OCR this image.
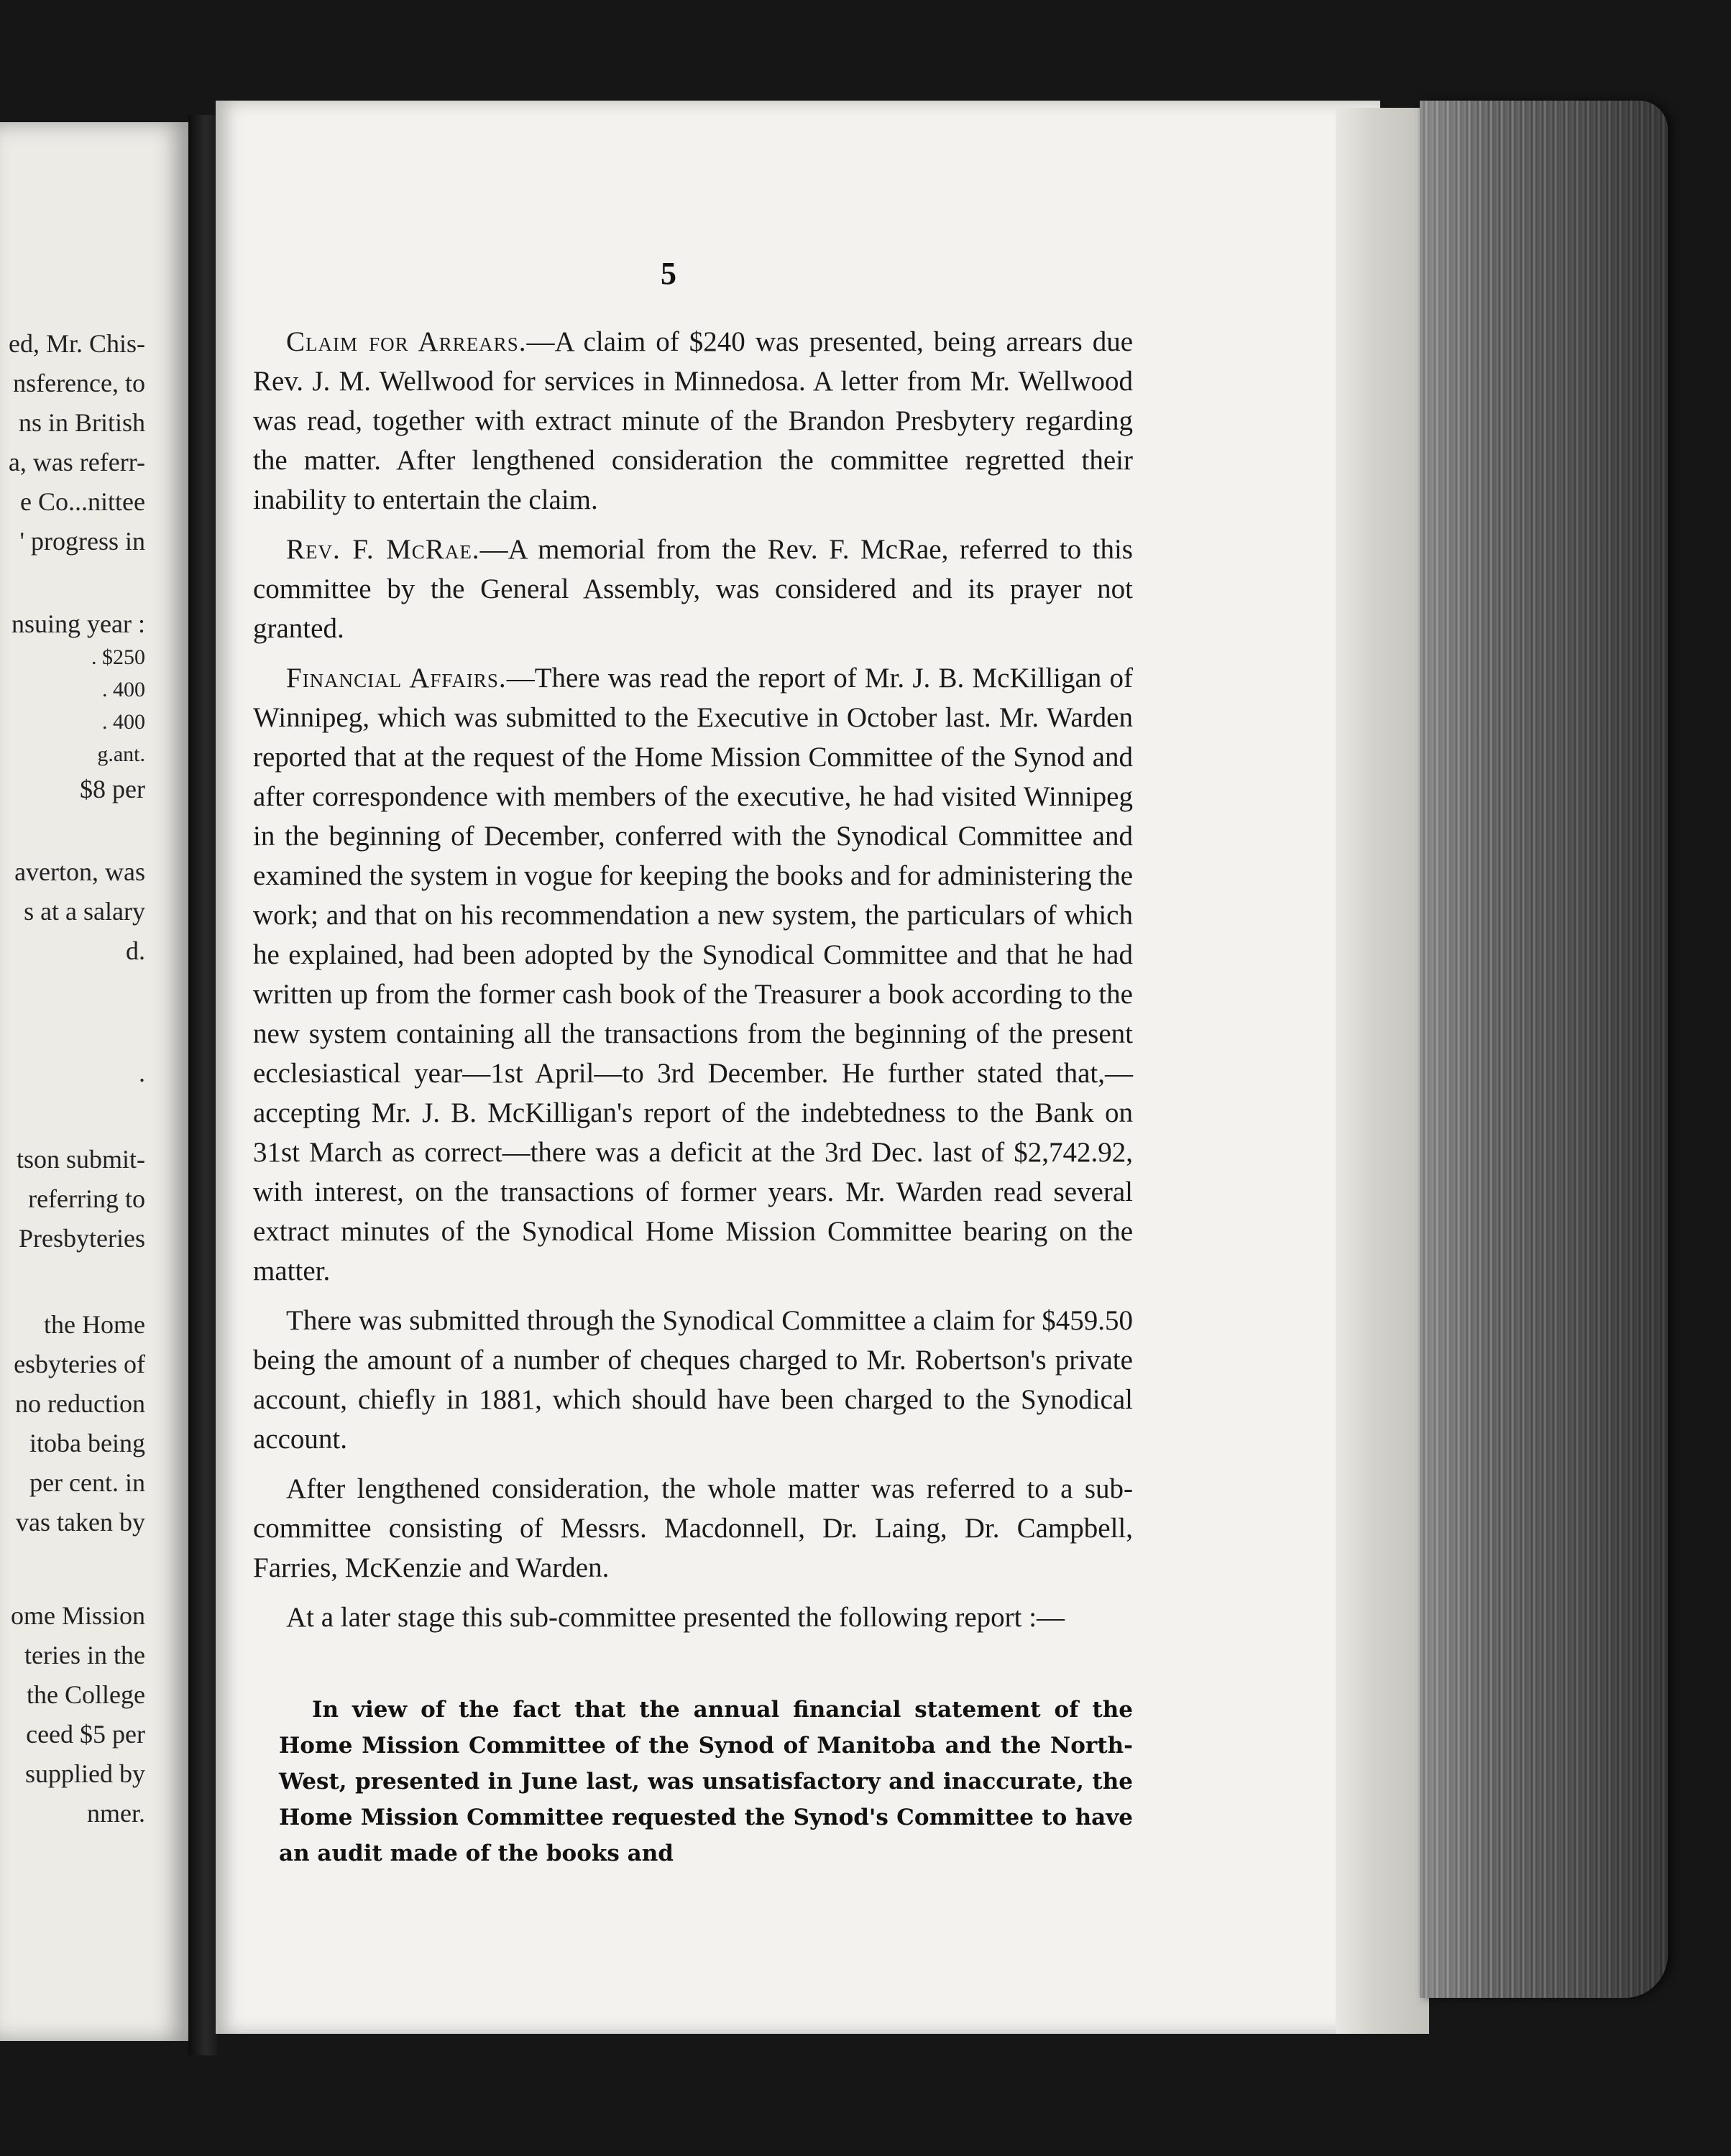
ed, Mr. Chis-
nsference, to
ns in British
a, was referr-
e Co...nittee
' progress in
nsuing year :
. $250
. 400
. 400
g.ant.
$8 per
averton, was
s at a salary
d.
.
tson submit-
referring to
Presbyteries
the Home
esbyteries of
no reduction
itoba being
per cent. in
vas taken by
ome Mission
teries in the
the College
ceed $5 per
supplied by
nmer.
5

Claim for Arrears.—A claim of $240 was presented, being arrears due Rev. J. M. Wellwood for services in Minnedosa. A letter from Mr. Wellwood was read, together with extract minute of the Brandon Presbytery regarding the matter. After lengthened consideration the committee regretted their inability to entertain the claim.

Rev. F. McRae.—A memorial from the Rev. F. McRae, referred to this committee by the General Assembly, was considered and its prayer not granted.

Financial Affairs.—There was read the report of Mr. J. B. McKilligan of Winnipeg, which was submitted to the Executive in October last. Mr. Warden reported that at the request of the Home Mission Committee of the Synod and after correspondence with members of the executive, he had visited Winnipeg in the beginning of December, conferred with the Synodical Committee and examined the system in vogue for keeping the books and for administering the work; and that on his recommendation a new system, the particulars of which he explained, had been adopted by the Synodical Committee and that he had written up from the former cash book of the Treasurer a book according to the new system containing all the transactions from the beginning of the present ecclesiastical year—1st April—to 3rd December. He further stated that,—accepting Mr. J. B. McKilligan's report of the indebtedness to the Bank on 31st March as correct—there was a deficit at the 3rd Dec. last of $2,742.92, with interest, on the transactions of former years. Mr. Warden read several extract minutes of the Synodical Home Mission Committee bearing on the matter.

There was submitted through the Synodical Committee a claim for $459.50 being the amount of a number of cheques charged to Mr. Robertson's private account, chiefly in 1881, which should have been charged to the Synodical account.

After lengthened consideration, the whole matter was referred to a sub-committee consisting of Messrs. Macdonnell, Dr. Laing, Dr. Campbell, Farries, McKenzie and Warden.

At a later stage this sub-committee presented the following report :—

In view of the fact that the annual financial statement of the Home Mission Committee of the Synod of Manitoba and the North-West, presented in June last, was unsatisfactory and inaccurate, the Home Mission Committee requested the Synod's Committee to have an audit made of the books and
